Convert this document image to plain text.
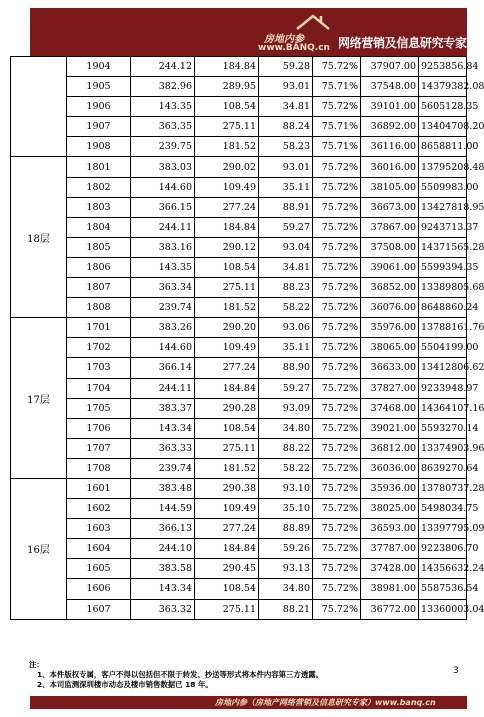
房地内参
www.BANQ.cn 网络营销及信息研究专家
	1904	244.12	184.84	59.28	75.72%	37907.00	9253856.84
	1905	382.96	289.95	93.01	75.71%	37548.00	14379382.08
	1906	143.35	108.54	34.81	75.72%	39101.00	5605128.35
	1907	363.35	275.11	88.24	75.71%	36892.00	13404708.20
	1908	239.75	181.52	58.23	75.71%	36116.00	8658811.00
18层	1801	383.03	290.02	93.01	75.72%	36016.00	13795208.48
	1802	144.60	109.49	35.11	75.72%	38105.00	5509983.00
	1803	366.15	277.24	88.91	75.72%	36673.00	13427818.95
	1804	244.11	184.84	59.27	75.72%	37867.00	9243713.37
	1805	383.16	290.12	93.04	75.72%	37508.00	14371565.28
	1806	143.35	108.54	34.81	75.72%	39061.00	5599394.35
	1807	363.34	275.11	88.23	75.72%	36852.00	13389805.68
	1808	239.74	181.52	58.22	75.72%	36076.00	8648860.24
17层	1701	383.26	290.20	93.06	75.72%	35976.00	13788161.76
	1702	144.60	109.49	35.11	75.72%	38065.00	5504199.00
	1703	366.14	277.24	88.90	75.72%	36633.00	13412806.62
	1704	244.11	184.84	59.27	75.72%	37827.00	9233948.97
	1705	383.37	290.28	93.09	75.72%	37468.00	14364107.16
	1706	143.34	108.54	34.80	75.72%	39021.00	5593270.14
	1707	363.33	275.11	88.22	75.72%	36812.00	13374903.96
	1708	239.74	181.52	58.22	75.72%	36036.00	8639270.64
16层	1601	383.48	290.38	93.10	75.72%	35936.00	13780737.28
	1602	144.59	109.49	35.10	75.72%	38025.00	5498034.75
	1603	366.13	277.24	88.89	75.72%	36593.00	13397795.09
	1604	244.10	184.84	59.26	75.72%	37787.00	9223806.70
	1605	383.58	290.45	93.13	75.72%	37428.00	14356632.24
	1606	143.34	108.54	34.80	75.72%	38981.00	5587536.54
	1607	363.32	275.11	88.21	75.72%	36772.00	13360003.04
3
注：
1、本件版权专属，客户不得以包括但不限于转发、抄送等形式将本件内容第三方透露。
2、本司监测深圳楼市动态及楼市销售数据已 18 年。
房地内参（房地产网络营销及信息研究专家）www.banq.cn
